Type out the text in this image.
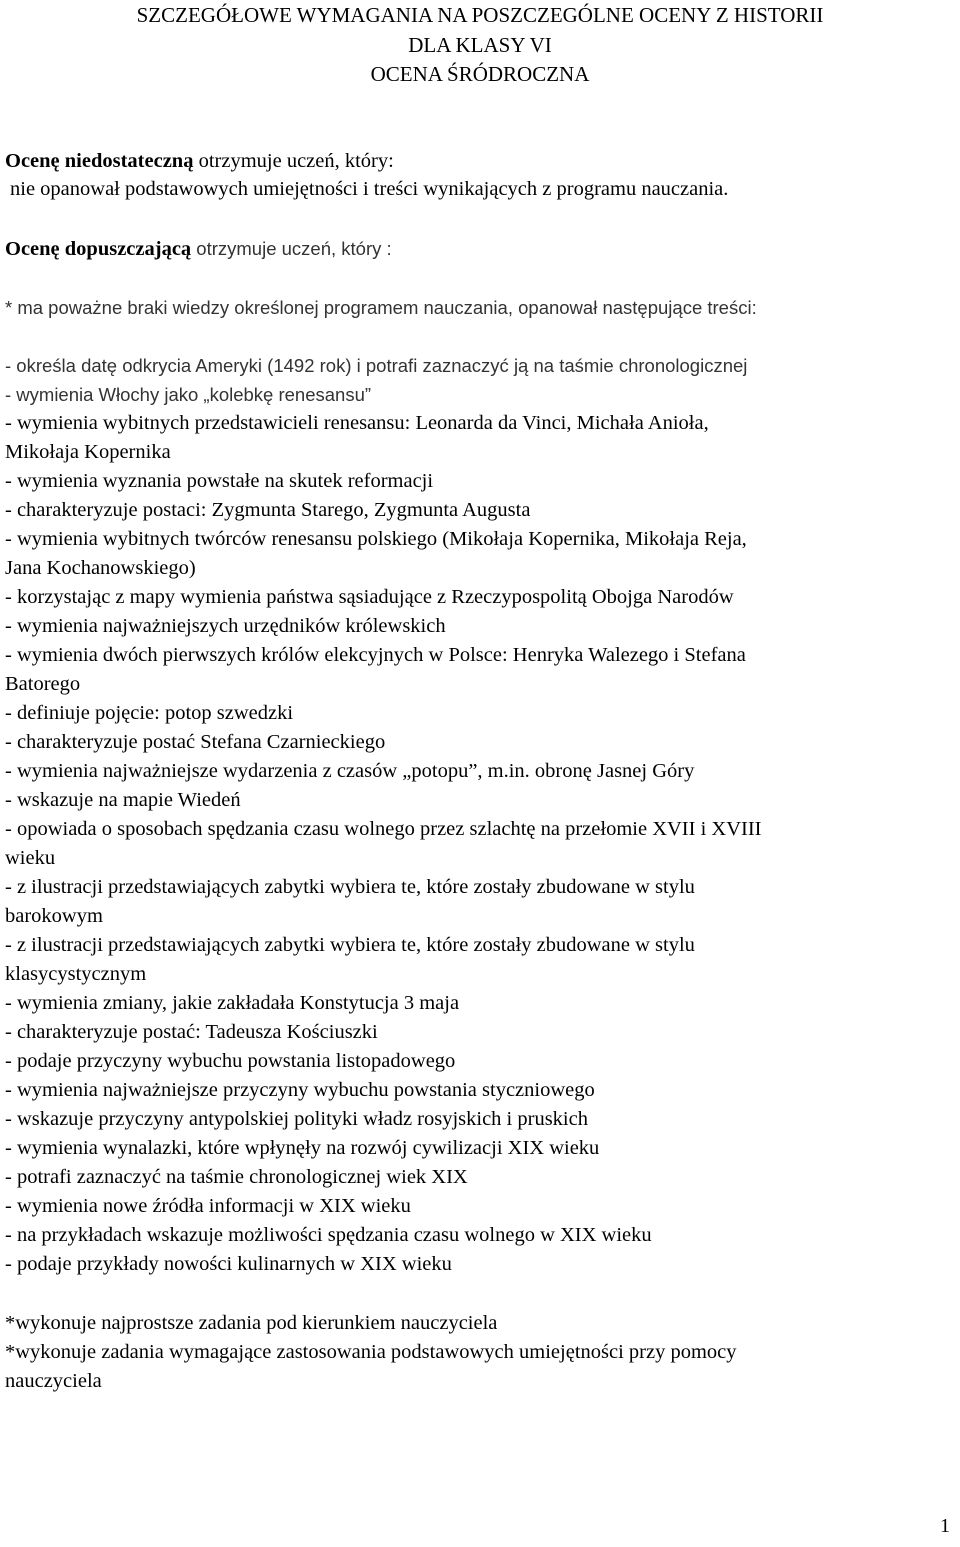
SZCZEGÓŁOWE WYMAGANIA NA POSZCZEGÓLNE OCENY Z HISTORII
DLA KLASY VI
OCENA ŚRÓDROCZNA
Ocenę niedostateczną otrzymuje uczeń, który:
nie opanował podstawowych umiejętności i treści wynikających z programu nauczania.
Ocenę dopuszczającą otrzymuje uczeń, który :
* ma poważne braki wiedzy określonej programem nauczania, opanował następujące treści:
- określa datę odkrycia Ameryki (1492 rok) i potrafi zaznaczyć ją na taśmie chronologicznej
- wymienia Włochy jako „kolebkę renesansu”
- wymienia wybitnych przedstawicieli renesansu: Leonarda da Vinci, Michała Anioła,
Mikołaja Kopernika
- wymienia wyznania powstałe na skutek reformacji
- charakteryzuje postaci: Zygmunta Starego, Zygmunta Augusta
- wymienia wybitnych twórców renesansu polskiego (Mikołaja Kopernika, Mikołaja Reja,
Jana Kochanowskiego)
- korzystając z mapy wymienia państwa sąsiadujące z Rzeczypospolitą Obojga Narodów
- wymienia najważniejszych urzędników królewskich
- wymienia dwóch pierwszych królów elekcyjnych w Polsce: Henryka Walezego i Stefana
Batorego
- definiuje pojęcie: potop szwedzki
- charakteryzuje postać Stefana Czarnieckiego
- wymienia najważniejsze wydarzenia z czasów „potopu”, m.in. obronę Jasnej Góry
- wskazuje na mapie Wiedeń
- opowiada o sposobach spędzania czasu wolnego przez szlachtę na przełomie XVII i XVIII
wieku
- z ilustracji przedstawiających zabytki wybiera te, które zostały zbudowane w stylu
barokowym
- z ilustracji przedstawiających zabytki wybiera te, które zostały zbudowane w stylu
klasycystycznym
- wymienia zmiany, jakie zakładała Konstytucja 3 maja
- charakteryzuje postać: Tadeusza Kościuszki
- podaje przyczyny wybuchu powstania listopadowego
- wymienia najważniejsze przyczyny wybuchu powstania styczniowego
- wskazuje przyczyny antypolskiej polityki władz rosyjskich i pruskich
- wymienia wynalazki, które wpłynęły na rozwój cywilizacji XIX wieku
- potrafi zaznaczyć na taśmie chronologicznej wiek XIX
- wymienia nowe źródła informacji w XIX wieku
- na przykładach wskazuje możliwości spędzania czasu wolnego w XIX wieku
- podaje przykłady nowości kulinarnych w XIX wieku
*wykonuje najprostsze zadania pod kierunkiem nauczyciela
*wykonuje zadania wymagające zastosowania podstawowych umiejętności przy pomocy
nauczyciela
1
